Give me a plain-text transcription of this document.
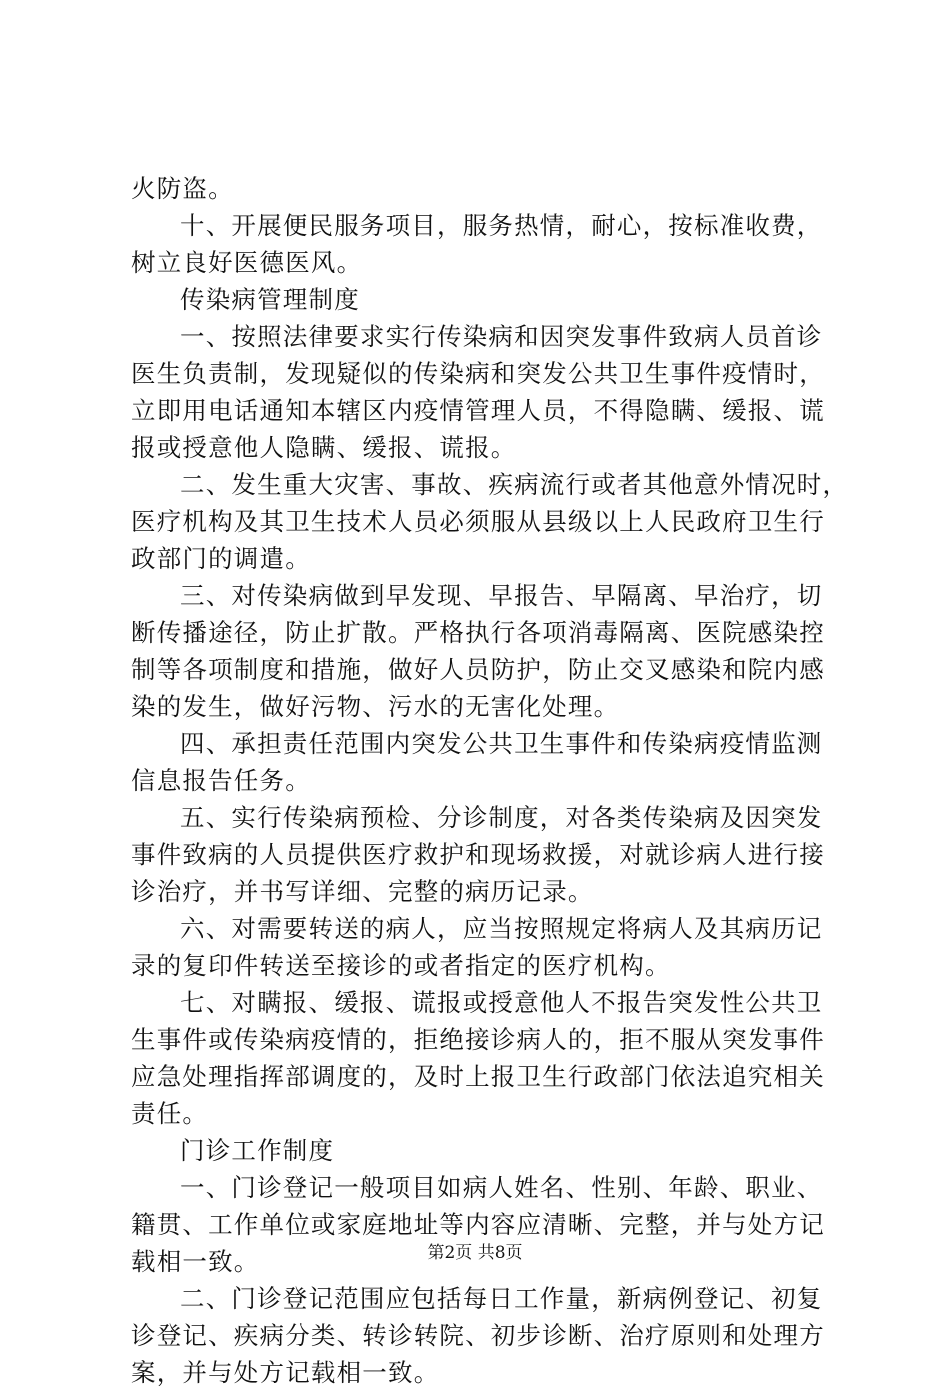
火防盗。
十、开展便民服务项目，服务热情，耐心，按标准收费，
树立良好医德医风。
传染病管理制度
一、按照法律要求实行传染病和因突发事件致病人员首诊
医生负责制，发现疑似的传染病和突发公共卫生事件疫情时，
立即用电话通知本辖区内疫情管理人员，不得隐瞒、缓报、谎
报或授意他人隐瞒、缓报、谎报。
二、发生重大灾害、事故、疾病流行或者其他意外情况时，
医疗机构及其卫生技术人员必须服从县级以上人民政府卫生行
政部门的调遣。
三、对传染病做到早发现、早报告、早隔离、早治疗，切
断传播途径，防止扩散。严格执行各项消毒隔离、医院感染控
制等各项制度和措施，做好人员防护，防止交叉感染和院内感
染的发生，做好污物、污水的无害化处理。
四、承担责任范围内突发公共卫生事件和传染病疫情监测
信息报告任务。
五、实行传染病预检、分诊制度，对各类传染病及因突发
事件致病的人员提供医疗救护和现场救援，对就诊病人进行接
诊治疗，并书写详细、完整的病历记录。
六、对需要转送的病人，应当按照规定将病人及其病历记
录的复印件转送至接诊的或者指定的医疗机构。
七、对瞒报、缓报、谎报或授意他人不报告突发性公共卫
生事件或传染病疫情的，拒绝接诊病人的，拒不服从突发事件
应急处理指挥部调度的，及时上报卫生行政部门依法追究相关
责任。
门诊工作制度
一、门诊登记一般项目如病人姓名、性别、年龄、职业、
籍贯、工作单位或家庭地址等内容应清晰、完整，并与处方记
载相一致。
二、门诊登记范围应包括每日工作量，新病例登记、初复
诊登记、疾病分类、转诊转院、初步诊断、治疗原则和处理方
案，并与处方记载相一致。
第2页 共8页
